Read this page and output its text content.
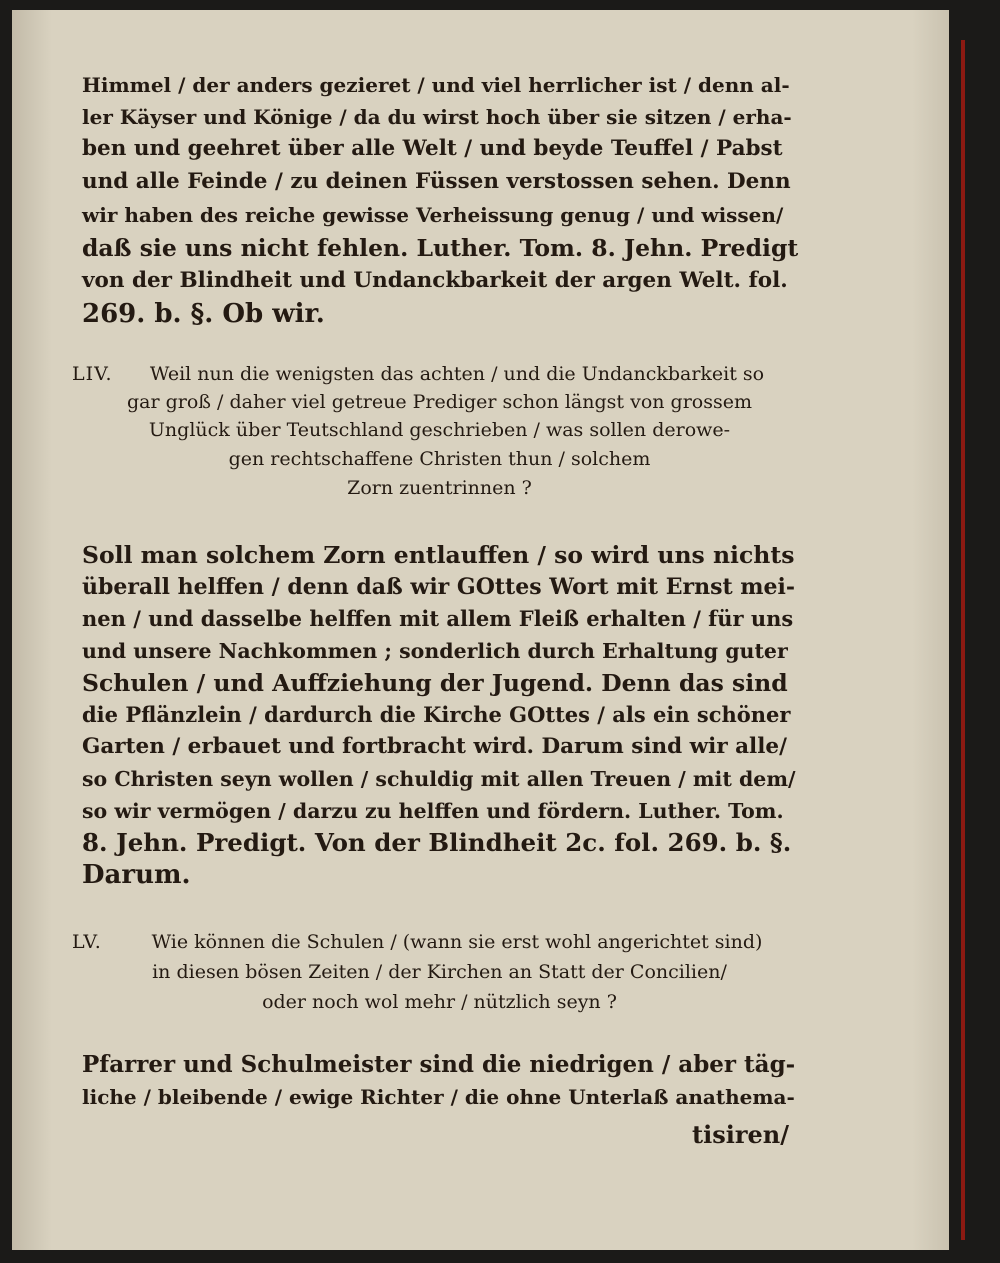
Himmel / der anders gezieret / und viel herrlicher ist / denn al-
ler Käyser und Könige / da du wirst hoch über sie sitzen / erha-
ben und geehret über alle Welt / und beyde Teuffel / Pabst
und alle Feinde / zu deinen Füssen verstossen sehen. Denn
wir haben des reiche gewisse Verheissung genug / und wissen/
daß sie uns nicht fehlen. Luther. Tom. 8. Jehn. Predigt
von der Blindheit und Undanckbarkeit der argen Welt. fol.
269. b. §. Ob wir.
LIV.	Weil nun die wenigsten das achten / und die Undanckbarkeit so
gar groß / daher viel getreue Prediger schon längst von grossem
Unglück über Teutschland geschrieben / was sollen derowe-
gen rechtschaffene Christen thun / solchem
Zorn zuentrinnen ?
Soll man solchem Zorn entlauffen / so wird uns nichts
überall helffen / denn daß wir GOttes Wort mit Ernst mei-
nen / und dasselbe helffen mit allem Fleiß erhalten / für uns
und unsere Nachkommen ; sonderlich durch Erhaltung guter
Schulen / und Auffziehung der Jugend. Denn das sind
die Pflänzlein / dardurch die Kirche GOttes / als ein schöner
Garten / erbauet und fortbracht wird. Darum sind wir alle/
so Christen seyn wollen / schuldig mit allen Treuen / mit dem/
so wir vermögen / darzu zu helffen und fördern. Luther. Tom.
8. Jehn. Predigt. Von der Blindheit 2c. fol. 269. b. §.
Darum.
LV.	Wie können die Schulen / (wann sie erst wohl angerichtet sind)
in diesen bösen Zeiten / der Kirchen an Statt der Concilien/
oder noch wol mehr / nützlich seyn ?
Pfarrer und Schulmeister sind die niedrigen / aber täg-
liche / bleibende / ewige Richter / die ohne Unterlaß anathema-
tisiren/
